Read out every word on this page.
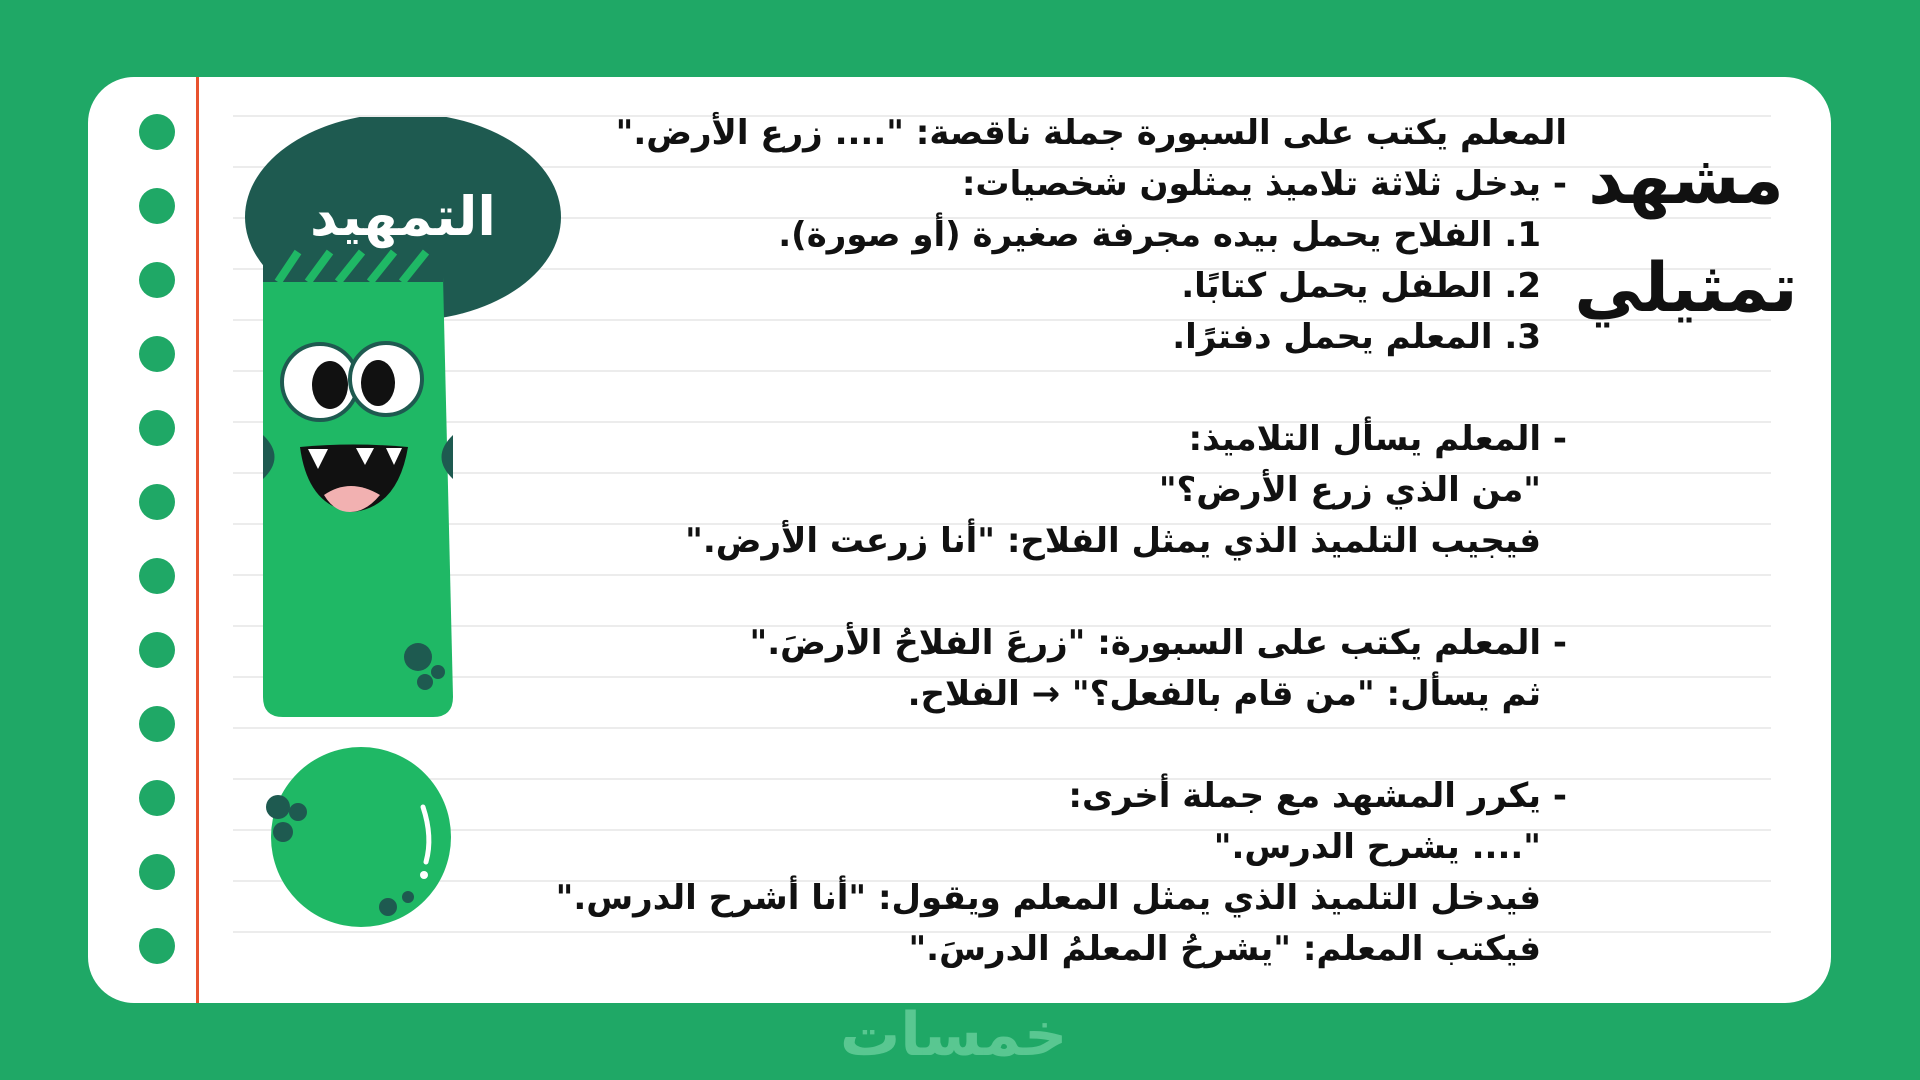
التمهيد	مشهد
تمثيلي
المعلم يكتب على السبورة جملة ناقصة: ".... زرع الأرض."
- يدخل ثلاثة تلاميذ يمثلون شخصيات:
1. الفلاح يحمل بيده مجرفة صغيرة (أو صورة).
2. الطفل يحمل كتابًا.
3. المعلم يحمل دفترًا.
- المعلم يسأل التلاميذ:
"من الذي زرع الأرض؟"
فيجيب التلميذ الذي يمثل الفلاح: "أنا زرعت الأرض."
- المعلم يكتب على السبورة: "زرعَ الفلاحُ الأرضَ."
ثم يسأل: "من قام بالفعل؟" → الفلاح.
- يكرر المشهد مع جملة أخرى:
".... يشرح الدرس."
فيدخل التلميذ الذي يمثل المعلم ويقول: "أنا أشرح الدرس."
فيكتب المعلم: "يشرحُ المعلمُ الدرسَ."
خمسات
